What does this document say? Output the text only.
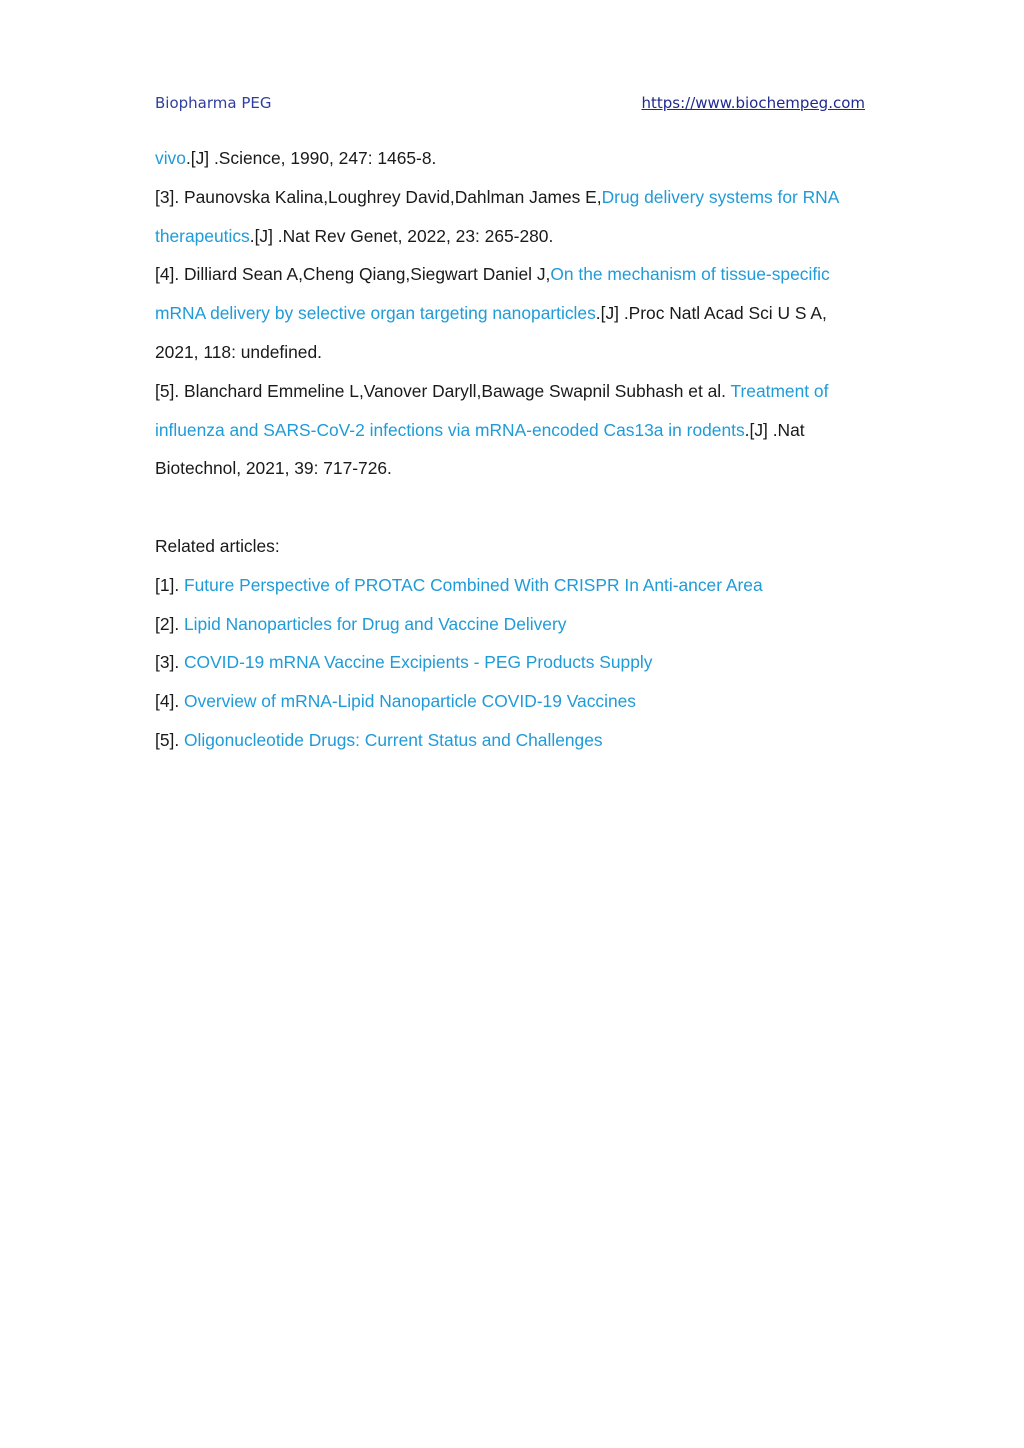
Biopharma PEG	https://www.biochempeg.com

vivo.[J] .Science, 1990, 247: 1465-8.

[3]. Paunovska Kalina,Loughrey David,Dahlman James E,Drug delivery systems for RNA therapeutics.[J] .Nat Rev Genet, 2022, 23: 265-280.

[4]. Dilliard Sean A,Cheng Qiang,Siegwart Daniel J,On the mechanism of tissue-specific mRNA delivery by selective organ targeting nanoparticles.[J] .Proc Natl Acad Sci U S A, 2021, 118: undefined.

[5]. Blanchard Emmeline L,Vanover Daryll,Bawage Swapnil Subhash et al. Treatment of influenza and SARS-CoV-2 infections via mRNA-encoded Cas13a in rodents.[J] .Nat Biotechnol, 2021, 39: 717-726.

Related articles:

[1]. Future Perspective of PROTAC Combined With CRISPR In Anti-ancer Area

[2]. Lipid Nanoparticles for Drug and Vaccine Delivery

[3]. COVID-19 mRNA Vaccine Excipients - PEG Products Supply

[4]. Overview of mRNA-Lipid Nanoparticle COVID-19 Vaccines

[5]. Oligonucleotide Drugs: Current Status and Challenges
